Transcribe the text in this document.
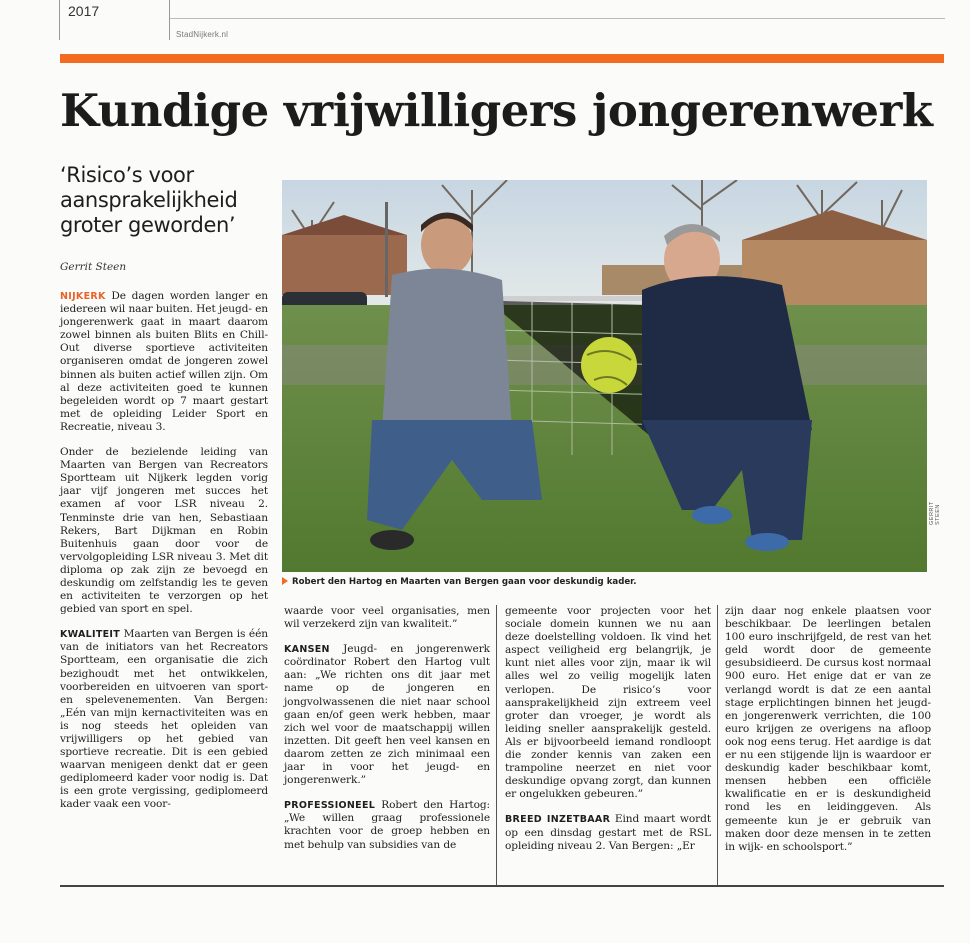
2017
StadNijkerk.nl
Kundige vrijwilligers jongerenwerk
‘Risico’s voor aansprakelijkheid groter geworden’
Gerrit Steen

NIJKERK De dagen worden langer en iedereen wil naar buiten. Het jeugd- en jongerenwerk gaat in maart daarom zowel binnen als buiten Blits en Chill-Out diverse sportieve activiteiten organiseren omdat de jongeren zowel binnen als buiten actief willen zijn. Om al deze activiteiten goed te kunnen begeleiden wordt op 7 maart gestart met de opleiding Leider Sport en Recreatie, niveau 3.

Onder de bezielende leiding van Maarten van Bergen van Recreators Sportteam uit Nijkerk legden vorig jaar vijf jongeren met succes het examen af voor LSR niveau 2. Tenminste drie van hen, Sebastiaan Rekers, Bart Dijkman en Robin Buitenhuis gaan door voor de vervolgopleiding LSR niveau 3. Met dit diploma op zak zijn ze bevoegd en deskundig om zelfstandig les te geven en activiteiten te verzorgen op het gebied van sport en spel.

KWALITEIT Maarten van Bergen is één van de initiators van het Recreators Sportteam, een organisatie die zich bezighoudt met het ontwikkelen, voorbereiden en uitvoeren van sport- en spelevenementen. Van Bergen: „Eén van mijn kernactiviteiten was en is nog steeds het opleiden van vrijwilligers op het gebied van sportieve recreatie. Dit is een gebied waarvan menigeen denkt dat er geen gediplomeerd kader voor nodig is. Dat is een grote vergissing, gediplomeerd kader vaak een voor-

GERRIT STEEN
Robert den Hartog en Maarten van Bergen gaan voor deskundig kader.

waarde voor veel organisaties, men wil verzekerd zijn van kwaliteit.”

KANSEN Jeugd- en jongerenwerk coördinator Robert den Hartog vult aan: „We richten ons dit jaar met name op de jongeren en jongvolwassenen die niet naar school gaan en/of geen werk hebben, maar zich wel voor de maatschappij willen inzetten. Dit geeft hen veel kansen en daarom zetten ze zich minimaal een jaar in voor het jeugd- en jongerenwerk.”

PROFESSIONEEL Robert den Hartog: „We willen graag professionele krachten voor de groep hebben en met behulp van subsidies van de

gemeente voor projecten voor het sociale domein kunnen we nu aan deze doelstelling voldoen. Ik vind het aspect veiligheid erg belangrijk, je kunt niet alles voor zijn, maar ik wil alles wel zo veilig mogelijk laten verlopen. De risico’s voor aansprakelijkheid zijn extreem veel groter dan vroeger, je wordt als leiding sneller aansprakelijk gesteld. Als er bijvoorbeeld iemand rondloopt die zonder kennis van zaken een trampoline neerzet en niet voor deskundige opvang zorgt, dan kunnen er ongelukken gebeuren.”

BREED INZETBAAR Eind maart wordt op een dinsdag gestart met de RSL opleiding niveau 2. Van Bergen: „Er

zijn daar nog enkele plaatsen voor beschikbaar. De leerlingen betalen 100 euro inschrijfgeld, de rest van het geld wordt door de gemeente gesubsidieerd. De cursus kost normaal 900 euro. Het enige dat er van ze verlangd wordt is dat ze een aantal stage erplichtingen binnen het jeugd- en jongerenwerk verrichten, die 100 euro krijgen ze overigens na afloop ook nog eens terug. Het aardige is dat er nu een stijgende lijn is waardoor er deskundig kader beschikbaar komt, mensen hebben een officiële kwalificatie en er is deskundigheid rond les en leidinggeven. Als gemeente kun je er gebruik van maken door deze mensen in te zetten in wijk- en schoolsport.”
